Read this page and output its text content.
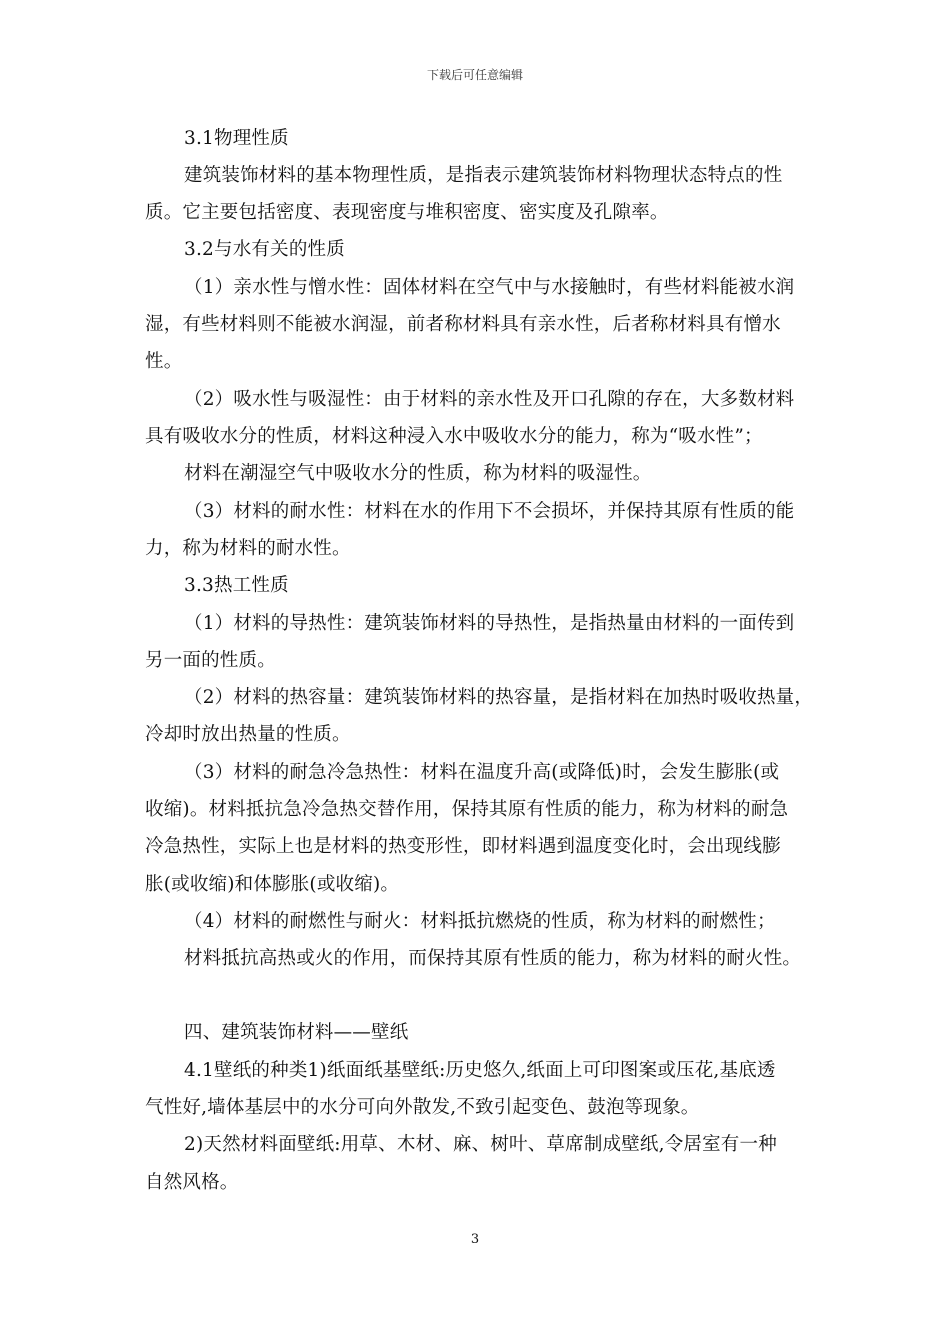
下载后可任意编辑
3.1物理性质
建筑装饰材料的基本物理性质，是指表示建筑装饰材料物理状态特点的性
质。它主要包括密度、表现密度与堆积密度、密实度及孔隙率。
3.2与水有关的性质
（1）亲水性与憎水性：固体材料在空气中与水接触时，有些材料能被水润
湿，有些材料则不能被水润湿，前者称材料具有亲水性，后者称材料具有憎水
性。
（2）吸水性与吸湿性：由于材料的亲水性及开口孔隙的存在，大多数材料
具有吸收水分的性质，材料这种浸入水中吸收水分的能力，称为“吸水性”；
材料在潮湿空气中吸收水分的性质，称为材料的吸湿性。
（3）材料的耐水性：材料在水的作用下不会损坏，并保持其原有性质的能
力，称为材料的耐水性。
3.3热工性质
（1）材料的导热性：建筑装饰材料的导热性，是指热量由材料的一面传到
另一面的性质。
（2）材料的热容量：建筑装饰材料的热容量，是指材料在加热时吸收热量，
冷却时放出热量的性质。
（3）材料的耐急冷急热性：材料在温度升高(或降低)时，会发生膨胀(或
收缩)。材料抵抗急冷急热交替作用，保持其原有性质的能力，称为材料的耐急
冷急热性，实际上也是材料的热变形性，即材料遇到温度变化时，会出现线膨
胀(或收缩)和体膨胀(或收缩)。
（4）材料的耐燃性与耐火：材料抵抗燃烧的性质，称为材料的耐燃性；
材料抵抗高热或火的作用，而保持其原有性质的能力，称为材料的耐火性。
四、建筑装饰材料——壁纸
4.1壁纸的种类1)纸面纸基壁纸:历史悠久,纸面上可印图案或压花,基底透
气性好,墙体基层中的水分可向外散发,不致引起变色、鼓泡等现象。
2)天然材料面壁纸:用草、木材、麻、树叶、草席制成壁纸,令居室有一种
自然风格。
3
